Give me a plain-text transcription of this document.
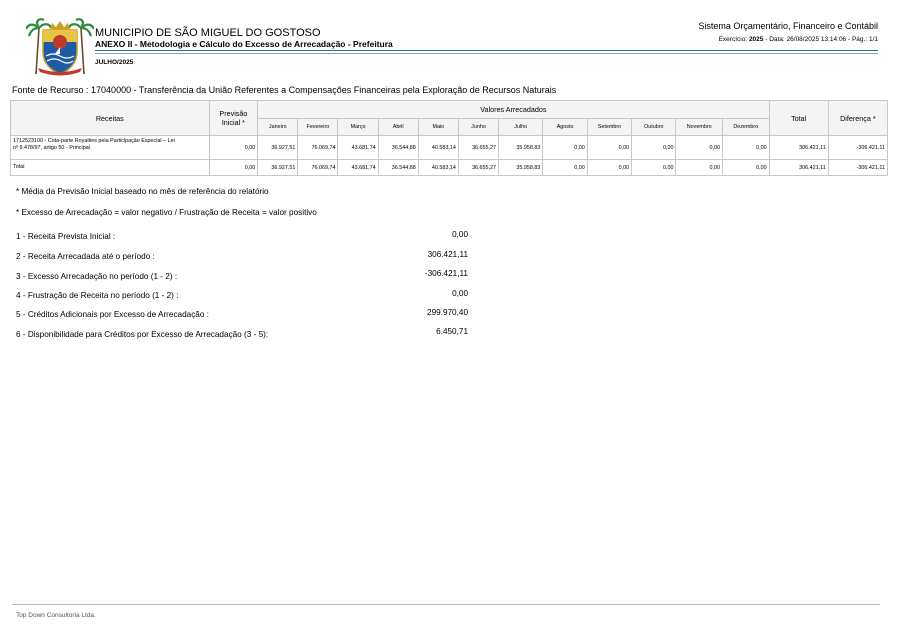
MUNICIPIO DE SÃO MIGUEL DO GOSTOSO
ANEXO II - Metodologia e Cálculo do Excesso de Arrecadação - Prefeitura
JULHO/2025
Sistema Orçamentário, Financeiro e Contábil
Exercício: 2025 - Data: 26/08/2025 13:14:06 - Pág.: 1/1
Fonte de Recurso : 17040000 - Transferência da União Referentes a Compensações Financeiras pela Exploração de Recursos Naturais
Receitas	Previsão
Inicial *	Valores Arrecadados												Total	Diferença *
		Janeiro	Fevereiro	Março	Abril	Maio	Junho	Julho	Agosto	Setembro	Outubro	Novembro	Dezembro		
1712523100 - Cota-parte Royalties pela Participação Especial – Lei
nº 9.478/97, artigo 50 - Principal	0,00	36.927,51	76.069,74	43.681,74	36.544,88	40.583,14	36.655,27	35.958,83	0,00	0,00	0,00	0,00	0,00	306.421,11	-306.421,11
Total	0,00	36.927,51	76.069,74	43.681,74	36.544,88	40.583,14	36.655,27	35.958,83	0,00	0,00	0,00	0,00	0,00	306.421,11	-306.421,11
* Média da Previsão Inicial baseado no mês de referência do relatório
* Excesso de Arrecadação = valor negativo / Frustração de Receita = valor positivo
1 - Receita Prevista Inicial :	0,00
2 - Receita Arrecadada até o período :	306.421,11
3 - Excesso Arrecadação no período (1 - 2) :	-306.421,11
4 - Frustração de Receita no período (1 - 2) :	0,00
5 - Créditos Adicionais por Excesso de Arrecadação :	299.970,40
6 - Disponibilidade para Créditos por Excesso de Arrecadação (3 - 5):	6.450,71
Top Down Consultoria Ltda.
